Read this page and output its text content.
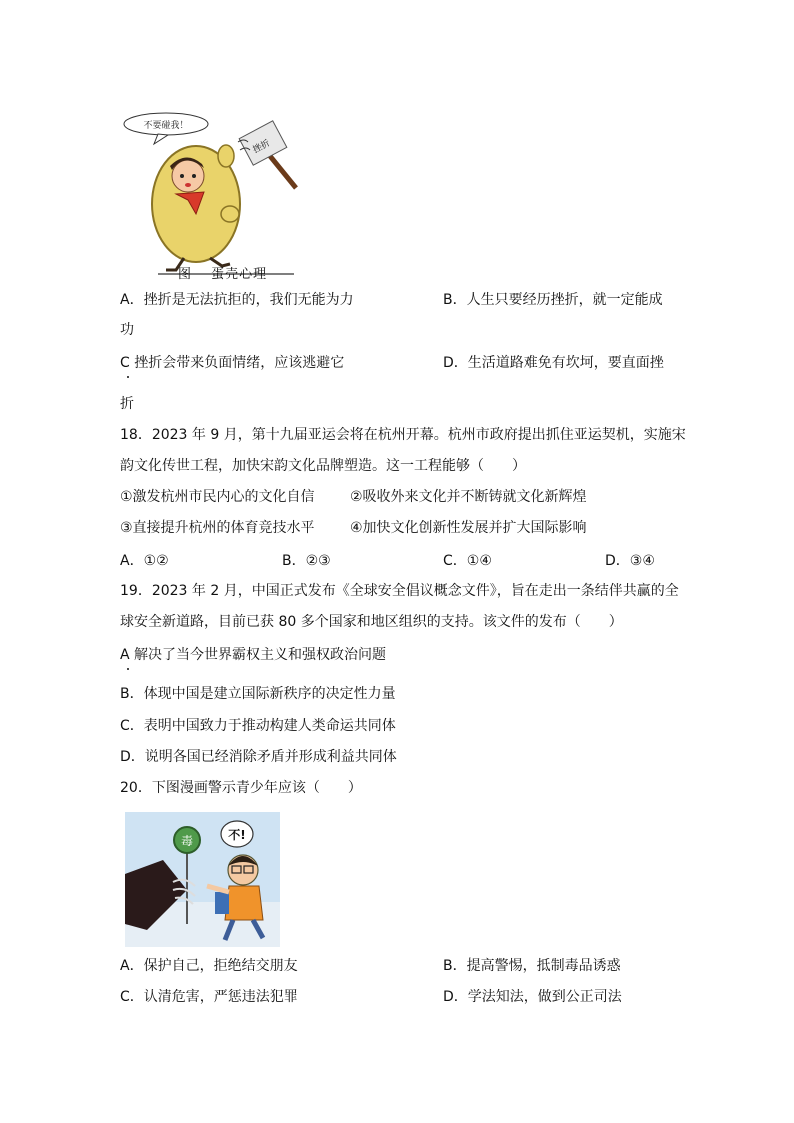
不要碰我！
挫折
图　 蛋壳心理
A．挫折是无法抗拒的，我们无能为力	B．人生只要经历挫折，就一定能成
功
C 挫折会带来负面情绪，应该逃避它	D．生活道路难免有坎坷，要直面挫
折
18．2023 年 9 月，第十九届亚运会将在杭州开幕。杭州市政府提出抓住亚运契机，实施宋
韵文化传世工程，加快宋韵文化品牌塑造。这一工程能够（　　）
①激发杭州市民内心的文化自信	②吸收外来文化并不断铸就文化新辉煌
③直接提升杭州的体育竞技水平	④加快文化创新性发展并扩大国际影响
A．①②	B．②③	C．①④	D．③④
19．2023 年 2 月，中国正式发布《全球安全倡议概念文件》，旨在走出一条结伴共赢的全
球安全新道路，目前已获 80 多个国家和地区组织的支持。该文件的发布（　　）
A 解决了当今世界霸权主义和强权政治问题
B．体现中国是建立国际新秩序的决定性力量
C．表明中国致力于推动构建人类命运共同体
D．说明各国已经消除矛盾并形成利益共同体
20．下图漫画警示青少年应该（　　）
毒	不!
A．保护自己，拒绝结交朋友	B．提高警惕，抵制毒品诱惑
C．认清危害，严惩违法犯罪	D．学法知法，做到公正司法
